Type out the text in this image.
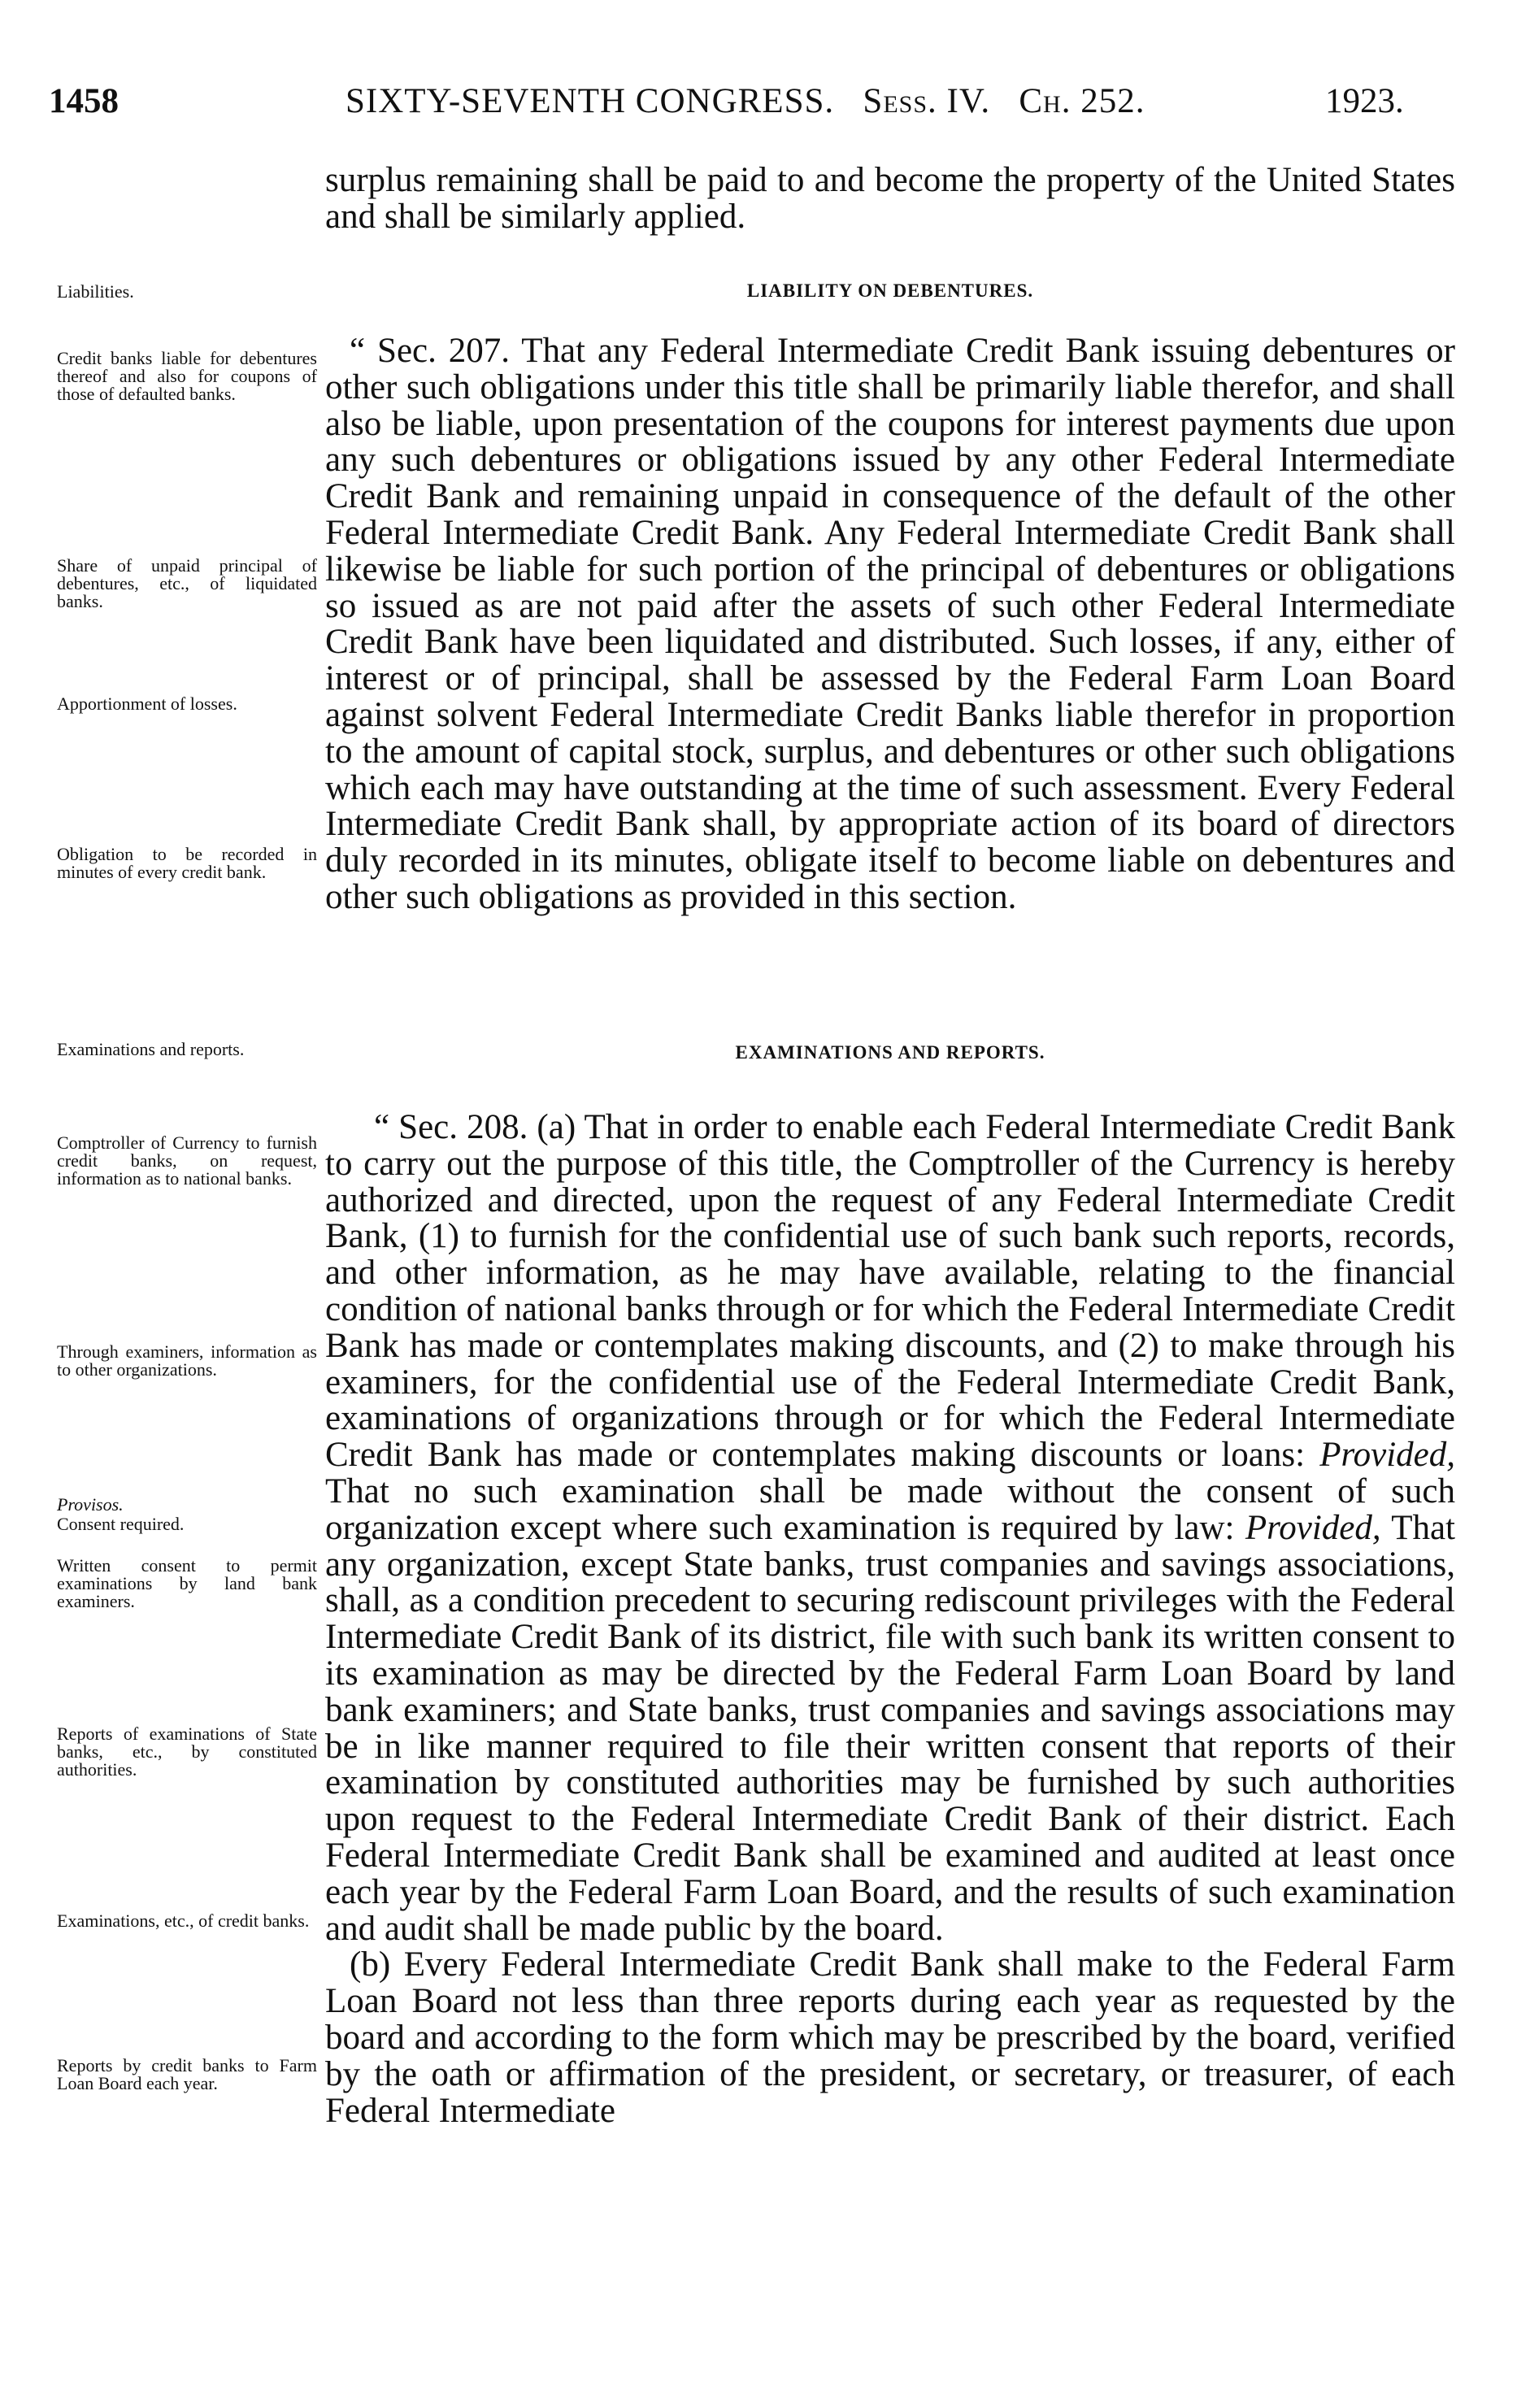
1458	SIXTY-SEVENTH CONGRESS. Sess. IV. Ch. 252.	1923.

surplus remaining shall be paid to and become the property of the United States and shall be similarly applied.

LIABILITY ON DEBENTURES.

“ Sec. 207. That any Federal Intermediate Credit Bank issuing debentures or other such obligations under this title shall be primarily liable therefor, and shall also be liable, upon presentation of the coupons for interest payments due upon any such debentures or obligations issued by any other Federal Intermediate Credit Bank and remaining unpaid in consequence of the default of the other Federal Intermediate Credit Bank. Any Federal Intermediate Credit Bank shall likewise be liable for such portion of the principal of debentures or obligations so issued as are not paid after the assets of such other Federal Intermediate Credit Bank have been liquidated and distributed. Such losses, if any, either of interest or of principal, shall be assessed by the Federal Farm Loan Board against solvent Federal Intermediate Credit Banks liable therefor in proportion to the amount of capital stock, surplus, and debentures or other such obligations which each may have outstanding at the time of such assessment. Every Federal Intermediate Credit Bank shall, by appropriate action of its board of directors duly recorded in its minutes, obligate itself to become liable on debentures and other such obligations as provided in this section.

EXAMINATIONS AND REPORTS.

“ Sec. 208. (a) That in order to enable each Federal Intermediate Credit Bank to carry out the purpose of this title, the Comptroller of the Currency is hereby authorized and directed, upon the request of any Federal Intermediate Credit Bank, (1) to furnish for the confidential use of such bank such reports, records, and other information, as he may have available, relating to the financial condition of national banks through or for which the Federal Intermediate Credit Bank has made or contemplates making discounts, and (2) to make through his examiners, for the confidential use of the Federal Intermediate Credit Bank, examinations of organizations through or for which the Federal Intermediate Credit Bank has made or contemplates making discounts or loans: Provided, That no such examination shall be made without the consent of such organization except where such examination is required by law: Provided, That any organization, except State banks, trust companies and savings associations, shall, as a condition precedent to securing rediscount privileges with the Federal Intermediate Credit Bank of its district, file with such bank its written consent to its examination as may be directed by the Federal Farm Loan Board by land bank examiners; and State banks, trust companies and savings associations may be in like manner required to file their written consent that reports of their examination by constituted authorities may be furnished by such authorities upon request to the Federal Intermediate Credit Bank of their district. Each Federal Intermediate Credit Bank shall be examined and audited at least once each year by the Federal Farm Loan Board, and the results of such examination and audit shall be made public by the board.

(b) Every Federal Intermediate Credit Bank shall make to the Federal Farm Loan Board not less than three reports during each year as requested by the board and according to the form which may be prescribed by the board, verified by the oath or affirmation of the president, or secretary, or treasurer, of each Federal Intermediate

Liabilities.
Credit banks liable for debentures thereof and also for coupons of those of defaulted banks.
Share of unpaid principal of debentures, etc., of liquidated banks.
Apportionment of losses.
Obligation to be recorded in minutes of every credit bank.
Examinations and reports.
Comptroller of Currency to furnish credit banks, on request, information as to national banks.
Through examiners, information as to other organizations.
Provisos.
Consent required.
Written consent to permit examinations by land bank examiners.
Reports of examinations of State banks, etc., by constituted authorities.
Examinations, etc., of credit banks.
Reports by credit banks to Farm Loan Board each year.
